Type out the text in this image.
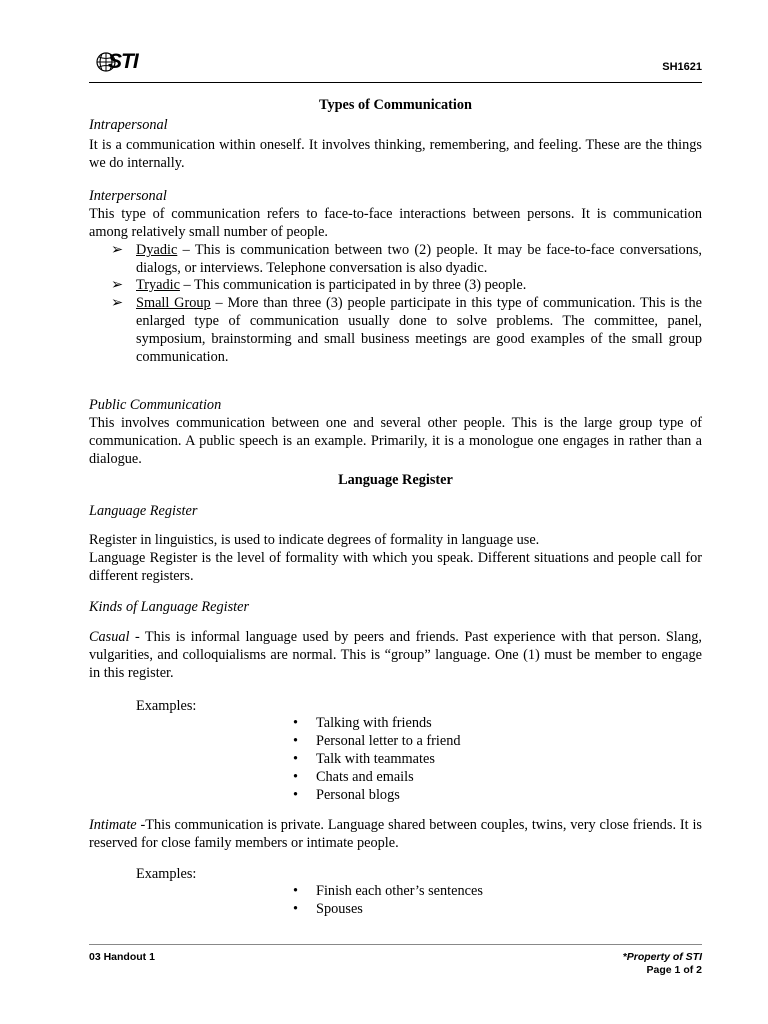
STI	SH1621

Types of Communication

Intrapersonal

It is a communication within oneself. It involves thinking, remembering, and feeling. These are the things we do internally.

Interpersonal

This type of communication refers to face-to-face interactions between persons. It is communication among relatively small number of people.

➢ Dyadic – This is communication between two (2) people. It may be face-to-face conversations, dialogs, or interviews. Telephone conversation is also dyadic.
➢ Tryadic – This communication is participated in by three (3) people.
➢ Small Group – More than three (3) people participate in this type of communication. This is the enlarged type of communication usually done to solve problems. The committee, panel, symposium, brainstorming and small business meetings are good examples of the small group communication.

Public Communication

This involves communication between one and several other people. This is the large group type of communication. A public speech is an example. Primarily, it is a monologue one engages in rather than a dialogue.

Language Register

Language Register

Register in linguistics, is used to indicate degrees of formality in language use.

Language Register is the level of formality with which you speak. Different situations and people call for different registers.

Kinds of Language Register

Casual - This is informal language used by peers and friends. Past experience with that person. Slang, vulgarities, and colloquialisms are normal. This is “group” language. One (1) must be member to engage in this register.

Examples:

• Talking with friends
• Personal letter to a friend
• Talk with teammates
• Chats and emails
• Personal blogs

Intimate -This communication is private. Language shared between couples, twins, very close friends. It is reserved for close family members or intimate people.

Examples:

• Finish each other’s sentences
• Spouses
03 Handout 1	*Property of STI
Page 1 of 2
